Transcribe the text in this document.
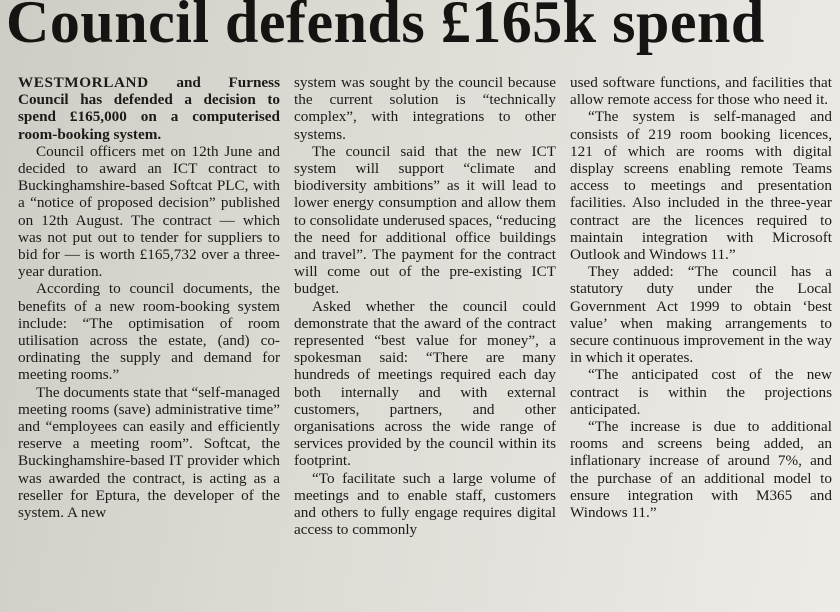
Council defends £165k spend

WESTMORLAND and Furness Council has defended a decision to spend £165,000 on a computerised room-booking system.

Council officers met on 12th June and decided to award an ICT contract to Buckinghamshire-based Softcat PLC, with a “notice of proposed decision” published on 12th August. The contract — which was not put out to tender for suppliers to bid for — is worth £165,732 over a three-year duration.

According to council documents, the benefits of a new room-booking system include: “The optimisation of room utilisation across the estate, (and) co-ordinating the supply and demand for meeting rooms.”

The documents state that “self-managed meeting rooms (save) administrative time” and “employees can easily and efficiently reserve a meeting room”. Softcat, the Buckinghamshire-based IT provider which was awarded the contract, is acting as a reseller for Eptura, the developer of the system. A new

system was sought by the council because the current solution is “technically complex”, with integrations to other systems.

The council said that the new ICT system will support “climate and biodiversity ambitions” as it will lead to lower energy consumption and allow them to consolidate underused spaces, “reducing the need for additional office buildings and travel”. The payment for the contract will come out of the pre-existing ICT budget.

Asked whether the council could demonstrate that the award of the contract represented “best value for money”, a spokesman said: “There are many hundreds of meetings required each day both internally and with external customers, partners, and other organisations across the wide range of services provided by the council within its footprint.

“To facilitate such a large volume of meetings and to enable staff, customers and others to fully engage requires digital access to commonly

used software functions, and facilities that allow remote access for those who need it.

“The system is self-managed and consists of 219 room booking licences, 121 of which are rooms with digital display screens enabling remote Teams access to meetings and presentation facilities. Also included in the three-year contract are the licences required to maintain integration with Microsoft Outlook and Windows 11.”

They added: “The council has a statutory duty under the Local Government Act 1999 to obtain ‘best value’ when making arrangements to secure continuous improvement in the way in which it operates.

“The anticipated cost of the new contract is within the projections anticipated.

“The increase is due to additional rooms and screens being added, an inflationary increase of around 7%, and the purchase of an additional model to ensure integration with M365 and Windows 11.”
